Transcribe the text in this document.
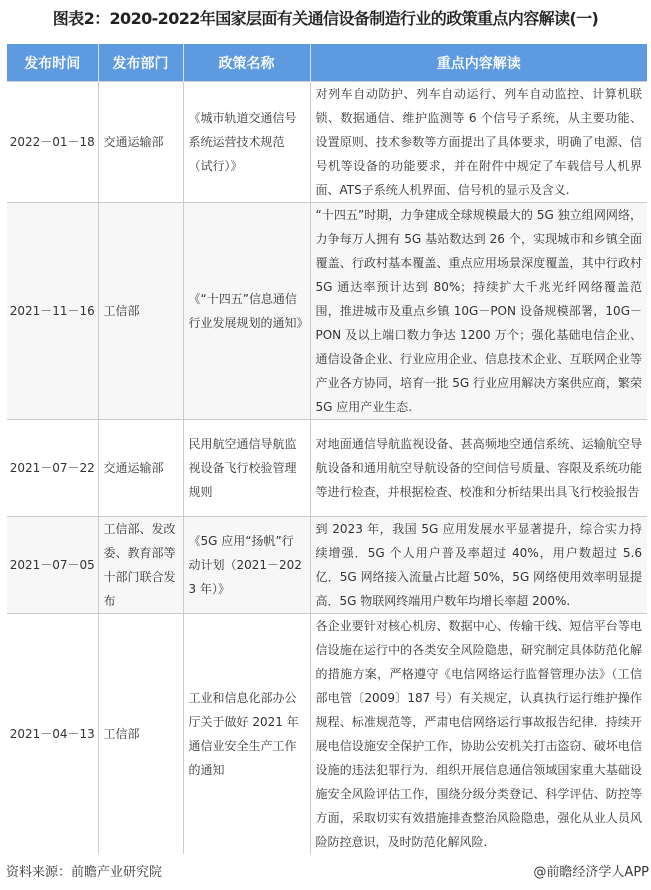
图表2：2020-2022年国家层面有关通信设备制造行业的政策重点内容解读(一)
发布时间	发布部门	政策名称	重点内容解读
2022－01－18	交通运输部	《城市轨道交通信号系统运营技术规范（试行）》	对列车自动防护、列车自动运行、列车自动监控、计算机联锁、数据通信、维护监测等 6 个信号子系统，从主要功能、设置原则、技术参数等方面提出了具体要求，明确了电源、信号机等设备的功能要求，并在附件中规定了车载信号人机界面、ATS子系统人机界面、信号机的显示及含义.
2021－11－16	工信部	《“十四五”信息通信行业发展规划的通知》	“十四五”时期，力争建成全球规模最大的 5G 独立组网网络，力争每万人拥有 5G 基站数达到 26 个，实现城市和乡镇全面覆盖、行政村基本覆盖、重点应用场景深度覆盖，其中行政村 5G 通达率预计达到 80%；持续扩大千兆光纤网络覆盖范围，推进城市及重点乡镇 10G－PON 设备规模部署，10G－PON 及以上端口数力争达 1200 万个；强化基础电信企业、通信设备企业、行业应用企业、信息技术企业、互联网企业等产业各方协同，培育一批 5G 行业应用解决方案供应商，繁荣 5G 应用产业生态.
2021－07－22	交通运输部	民用航空通信导航监视设备飞行校验管理规则	对地面通信导航监视设备、甚高频地空通信系统、运输航空导航设备和通用航空导航设备的空间信号质量、容限及系统功能等进行检查，并根据检查、校准和分析结果出具飞行校验报告
2021－07－05	工信部、发改委、教育部等十部门联合发布	《5G 应用“扬帆”行动计划（2021－2023 年）》	到 2023 年，我国 5G 应用发展水平显著提升，综合实力持续增强．5G 个人用户普及率超过 40%，用户数超过 5.6 亿．5G 网络接入流量占比超 50%，5G 网络使用效率明显提高．5G 物联网终端用户数年均增长率超 200%.
2021－04－13	工信部	工业和信息化部办公厅关于做好 2021 年通信业安全生产工作的通知	各企业要针对核心机房、数据中心、传输干线、短信平台等电信设施在运行中的各类安全风险隐患，研究制定具体防范化解的措施方案，严格遵守《电信网络运行监督管理办法》（工信部电管〔2009〕187 号）有关规定，认真执行运行维护操作规程、标准规范等，严肃电信网络运行事故报告纪律．持续开展电信设施安全保护工作，协助公安机关打击盗窃、破坏电信设施的违法犯罪行为．组织开展信息通信领域国家重大基础设施安全风险评估工作，围绕分级分类登记、科学评估、防控等方面，采取切实有效措施排查整治风险隐患，强化从业人员风险防控意识，及时防范化解风险.
资料来源：前瞻产业研究院	@前瞻经济学人APP
